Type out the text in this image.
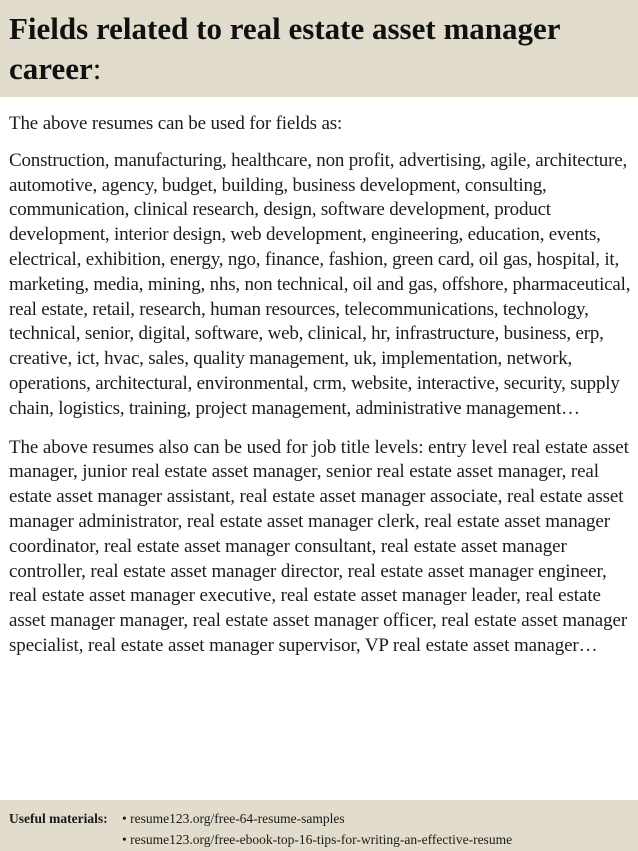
Fields related to real estate asset manager career:

The above resumes can be used for fields as:

Construction, manufacturing, healthcare, non profit, advertising, agile, architecture, automotive, agency, budget, building, business development, consulting, communication, clinical research, design, software development, product development, interior design, web development, engineering, education, events, electrical, exhibition, energy, ngo, finance, fashion, green card, oil gas, hospital, it, marketing, media, mining, nhs, non technical, oil and gas, offshore, pharmaceutical, real estate, retail, research, human resources, telecommunications, technology, technical, senior, digital, software, web, clinical, hr, infrastructure, business, erp, creative, ict, hvac, sales, quality management, uk, implementation, network, operations, architectural, environmental, crm, website, interactive, security, supply chain, logistics, training, project management, administrative management…

The above resumes also can be used for job title levels: entry level real estate asset manager, junior real estate asset manager, senior real estate asset manager, real estate asset manager assistant, real estate asset manager associate, real estate asset manager administrator, real estate asset manager clerk, real estate asset manager coordinator, real estate asset manager consultant, real estate asset manager controller, real estate asset manager director, real estate asset manager engineer, real estate asset manager executive, real estate asset manager leader, real estate asset manager manager, real estate asset manager officer, real estate asset manager specialist, real estate asset manager supervisor, VP real estate asset manager…

Useful materials: • resume123.org/free-64-resume-samples
• resume123.org/free-ebook-top-16-tips-for-writing-an-effective-resume
